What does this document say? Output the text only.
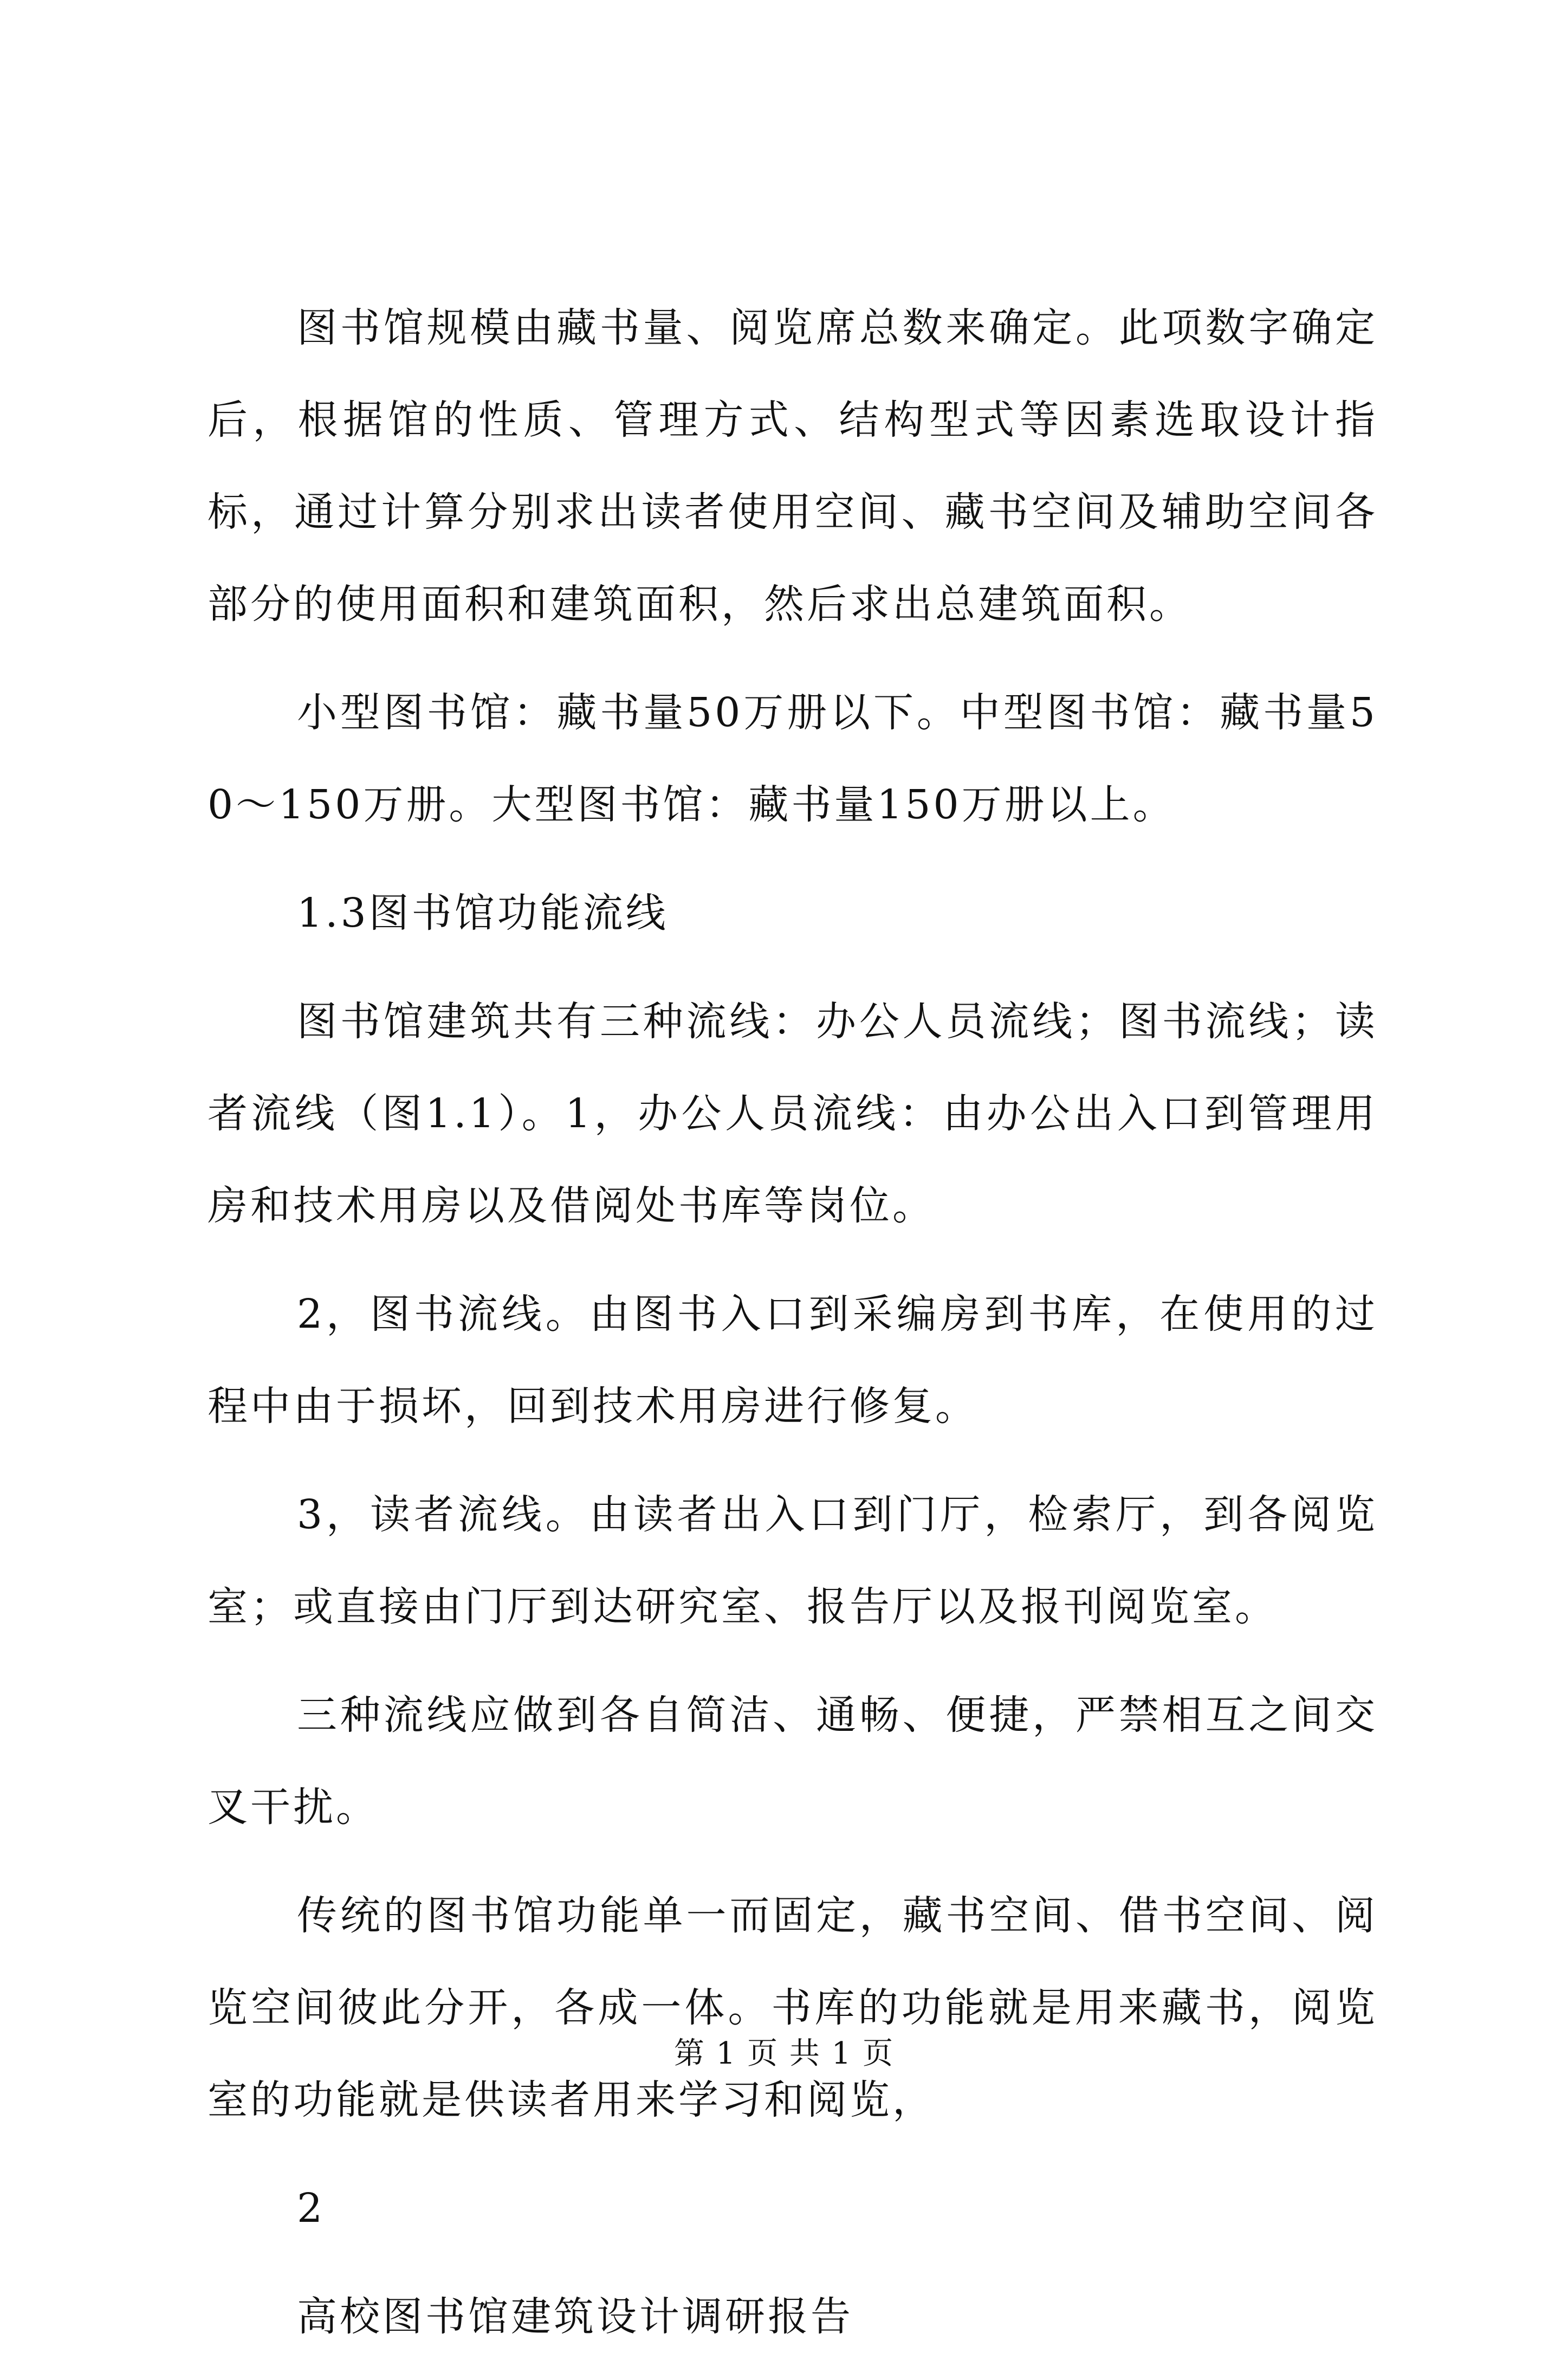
图书馆规模由藏书量、阅览席总数来确定。此项数字确定后，根据馆的性质、管理方式、结构型式等因素选取设计指标，通过计算分别求出读者使用空间、藏书空间及辅助空间各部分的使用面积和建筑面积，然后求出总建筑面积。

小型图书馆：藏书量50万册以下。中型图书馆：藏书量50～150万册。大型图书馆：藏书量150万册以上。

1.3图书馆功能流线

图书馆建筑共有三种流线：办公人员流线；图书流线；读者流线（图1.1）。1，办公人员流线：由办公出入口到管理用房和技术用房以及借阅处书库等岗位。

2，图书流线。由图书入口到采编房到书库，在使用的过程中由于损坏，回到技术用房进行修复。

3，读者流线。由读者出入口到门厅，检索厅，到各阅览室；或直接由门厅到达研究室、报告厅以及报刊阅览室。

三种流线应做到各自简洁、通畅、便捷，严禁相互之间交叉干扰。

传统的图书馆功能单一而固定，藏书空间、借书空间、阅览空间彼此分开，各成一体。书库的功能就是用来藏书，阅览室的功能就是供读者用来学习和阅览，

2

高校图书馆建筑设计调研报告

第 1 页 共 1 页
